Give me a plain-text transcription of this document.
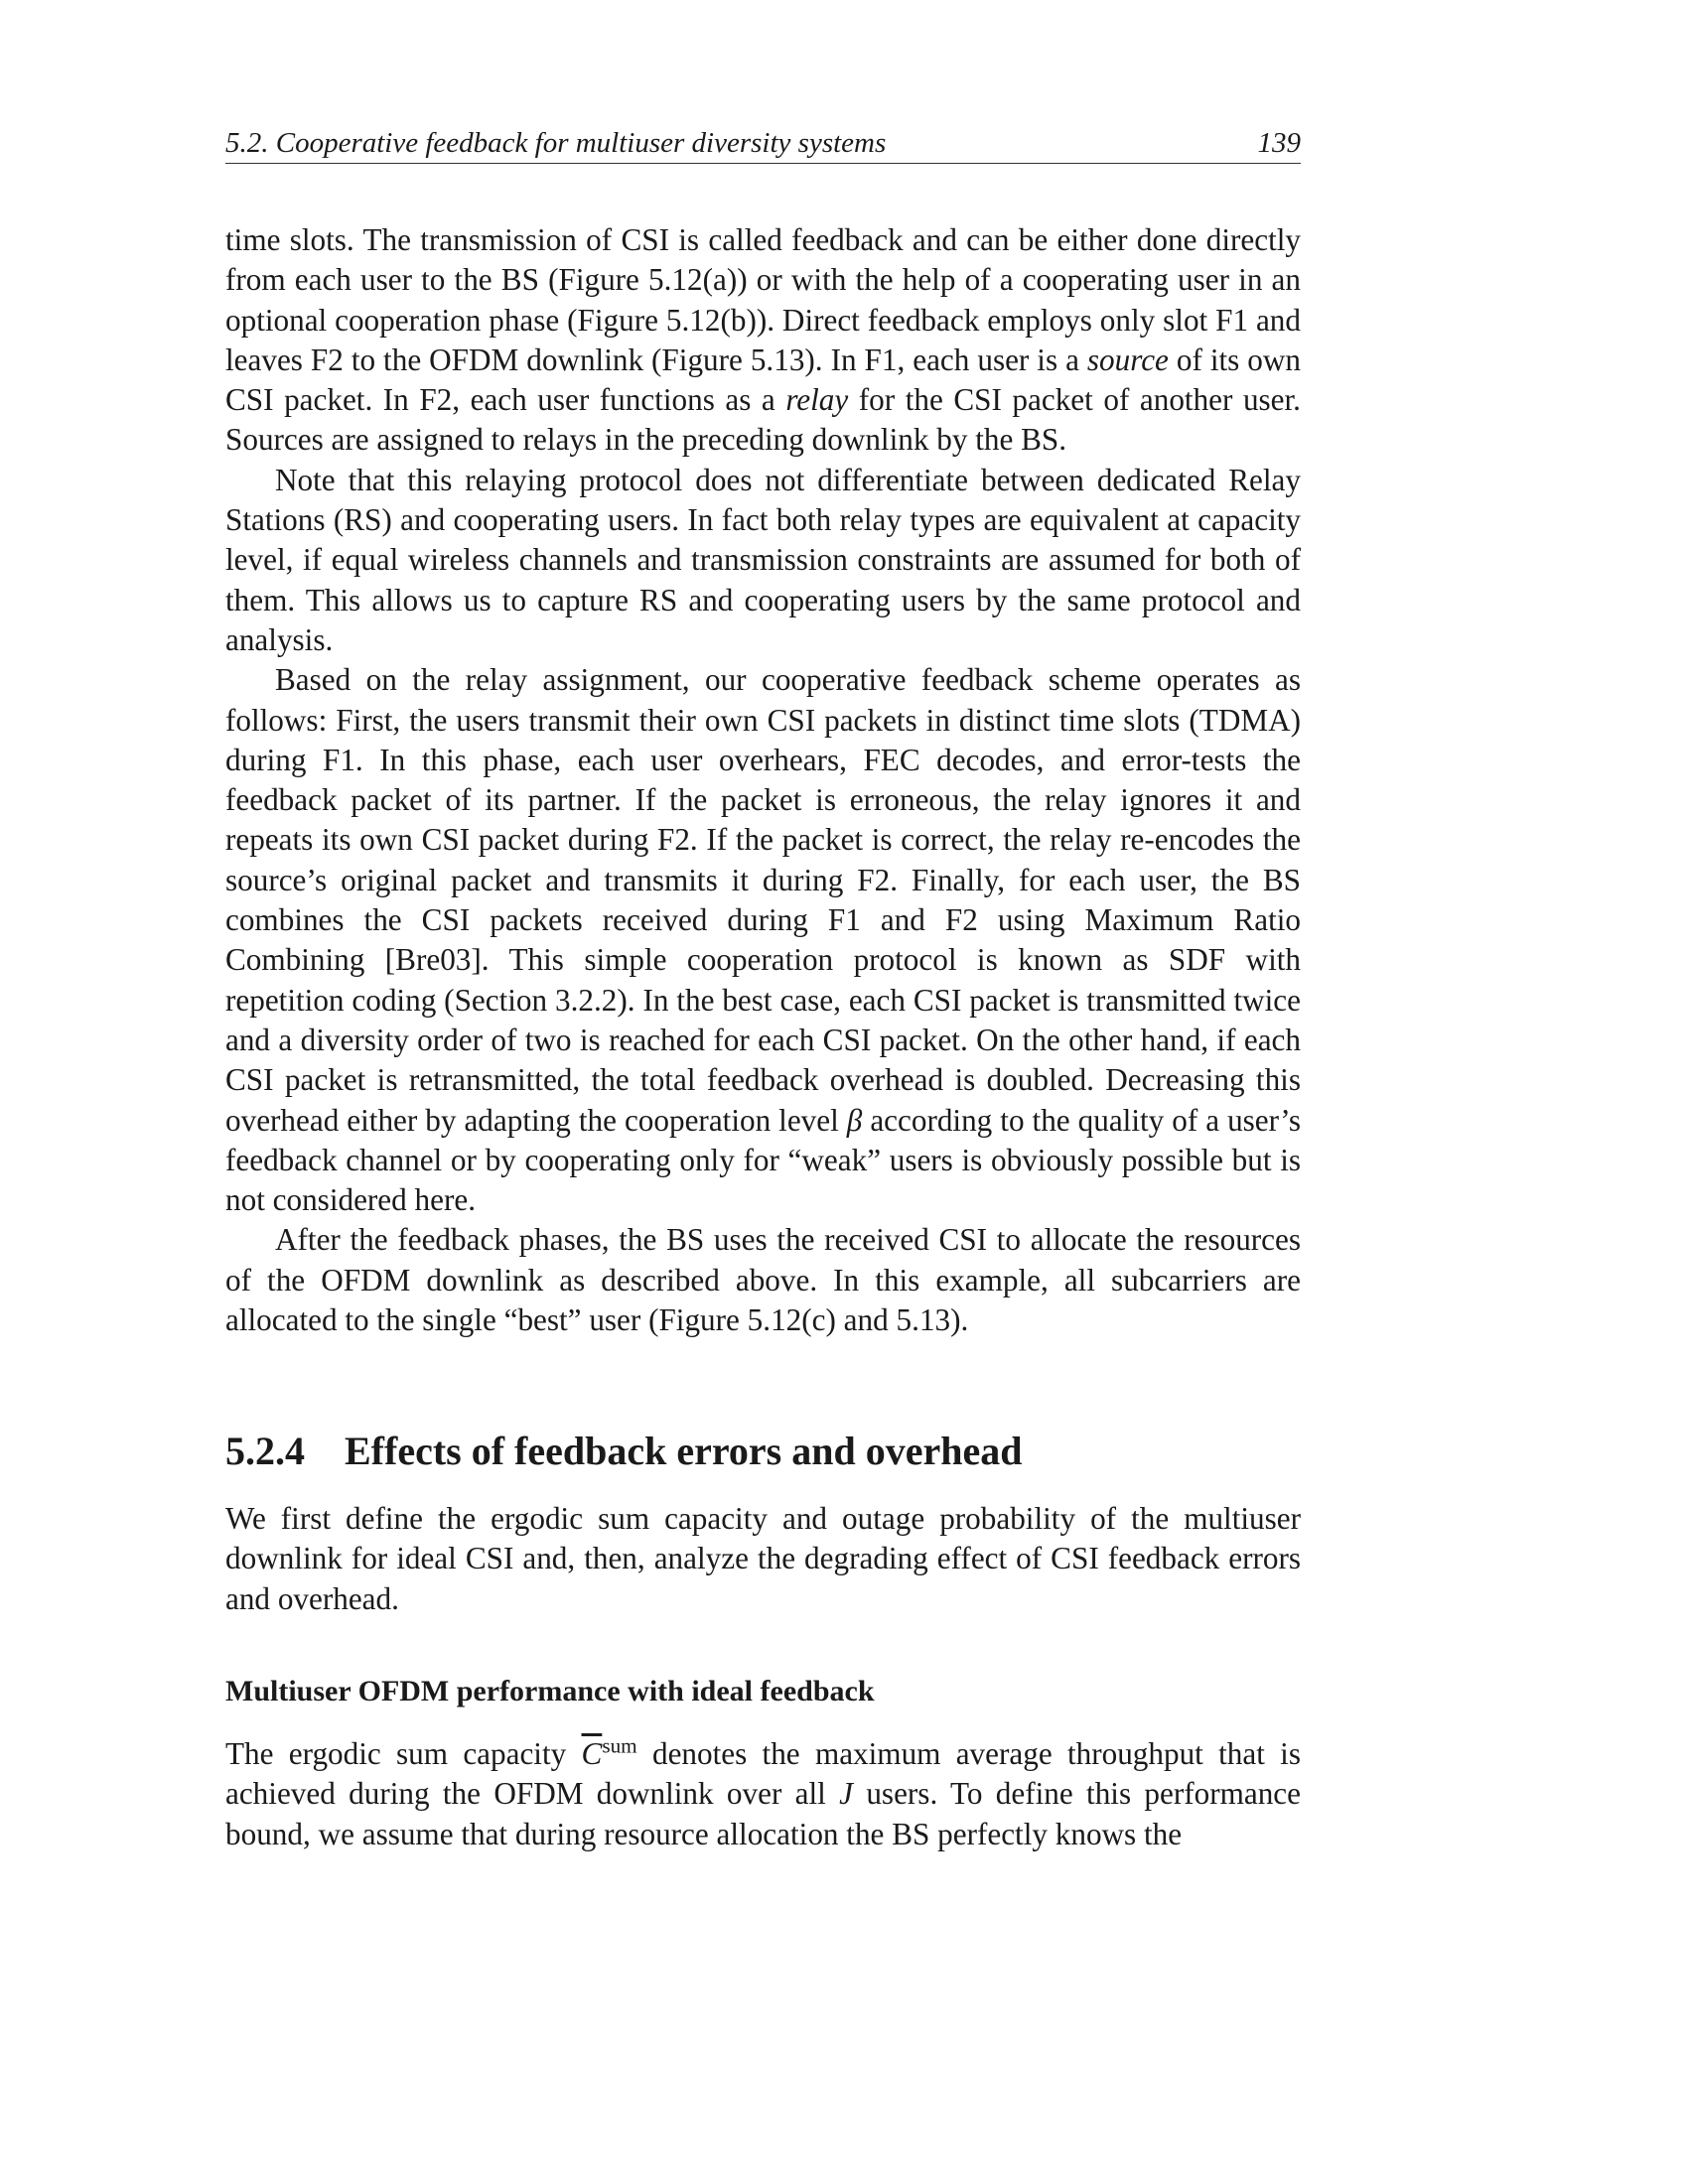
5.2. Cooperative feedback for multiuser diversity systems	139

time slots. The transmission of CSI is called feedback and can be either done directly from each user to the BS (Figure 5.12(a)) or with the help of a cooperating user in an optional cooperation phase (Figure 5.12(b)). Direct feedback employs only slot F1 and leaves F2 to the OFDM downlink (Figure 5.13). In F1, each user is a source of its own CSI packet. In F2, each user functions as a relay for the CSI packet of another user. Sources are assigned to relays in the preceding downlink by the BS.

Note that this relaying protocol does not differentiate between dedicated Relay Stations (RS) and cooperating users. In fact both relay types are equivalent at capacity level, if equal wireless channels and transmission constraints are assumed for both of them. This allows us to capture RS and cooperating users by the same protocol and analysis.

Based on the relay assignment, our cooperative feedback scheme operates as follows: First, the users transmit their own CSI packets in distinct time slots (TDMA) during F1. In this phase, each user overhears, FEC decodes, and error-tests the feedback packet of its partner. If the packet is erroneous, the relay ignores it and repeats its own CSI packet during F2. If the packet is correct, the relay re-encodes the source’s original packet and transmits it during F2. Finally, for each user, the BS combines the CSI packets received during F1 and F2 using Maximum Ratio Combining [Bre03]. This simple cooperation protocol is known as SDF with repetition coding (Section 3.2.2). In the best case, each CSI packet is transmitted twice and a diversity order of two is reached for each CSI packet. On the other hand, if each CSI packet is retransmitted, the total feedback overhead is doubled. Decreasing this overhead either by adapting the cooperation level β according to the quality of a user’s feedback channel or by cooperating only for “weak” users is obviously possible but is not considered here.

After the feedback phases, the BS uses the received CSI to allocate the resources of the OFDM downlink as described above. In this example, all subcarriers are allocated to the single “best” user (Figure 5.12(c) and 5.13).

5.2.4 Effects of feedback errors and overhead

We first define the ergodic sum capacity and outage probability of the multiuser downlink for ideal CSI and, then, analyze the degrading effect of CSI feedback errors and overhead.

Multiuser OFDM performance with ideal feedback

The ergodic sum capacity $\overline{C}^{sum}$ denotes the maximum average throughput that is achieved during the OFDM downlink over all J users. To define this performance bound, we assume that during resource allocation the BS perfectly knows the
